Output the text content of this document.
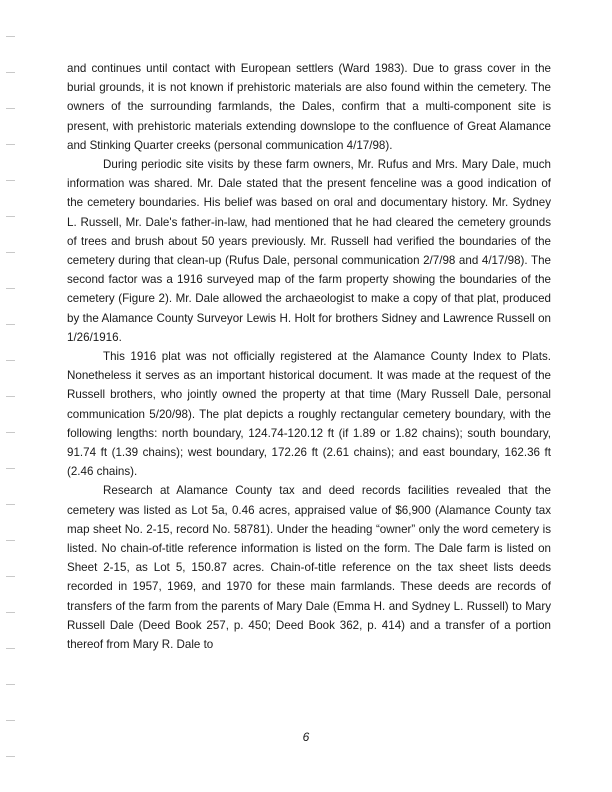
and continues until contact with European settlers (Ward 1983). Due to grass cover in the burial grounds, it is not known if prehistoric materials are also found within the cemetery. The owners of the surrounding farmlands, the Dales, confirm that a multi-component site is present, with prehistoric materials extending downslope to the confluence of Great Alamance and Stinking Quarter creeks (personal communication 4/17/98).

During periodic site visits by these farm owners, Mr. Rufus and Mrs. Mary Dale, much information was shared. Mr. Dale stated that the present fenceline was a good indication of the cemetery boundaries. His belief was based on oral and documentary history. Mr. Sydney L. Russell, Mr. Dale's father-in-law, had mentioned that he had cleared the cemetery grounds of trees and brush about 50 years previously. Mr. Russell had verified the boundaries of the cemetery during that clean-up (Rufus Dale, personal communication 2/7/98 and 4/17/98). The second factor was a 1916 surveyed map of the farm property showing the boundaries of the cemetery (Figure 2). Mr. Dale allowed the archaeologist to make a copy of that plat, produced by the Alamance County Surveyor Lewis H. Holt for brothers Sidney and Lawrence Russell on 1/26/1916.

This 1916 plat was not officially registered at the Alamance County Index to Plats. Nonetheless it serves as an important historical document. It was made at the request of the Russell brothers, who jointly owned the property at that time (Mary Russell Dale, personal communication 5/20/98). The plat depicts a roughly rectangular cemetery boundary, with the following lengths: north boundary, 124.74-120.12 ft (if 1.89 or 1.82 chains); south boundary, 91.74 ft (1.39 chains); west boundary, 172.26 ft (2.61 chains); and east boundary, 162.36 ft (2.46 chains).

Research at Alamance County tax and deed records facilities revealed that the cemetery was listed as Lot 5a, 0.46 acres, appraised value of $6,900 (Alamance County tax map sheet No. 2-15, record No. 58781). Under the heading “owner” only the word cemetery is listed. No chain-of-title reference information is listed on the form. The Dale farm is listed on Sheet 2-15, as Lot 5, 150.87 acres. Chain-of-title reference on the tax sheet lists deeds recorded in 1957, 1969, and 1970 for these main farmlands. These deeds are records of transfers of the farm from the parents of Mary Dale (Emma H. and Sydney L. Russell) to Mary Russell Dale (Deed Book 257, p. 450; Deed Book 362, p. 414) and a transfer of a portion thereof from Mary R. Dale to

6
